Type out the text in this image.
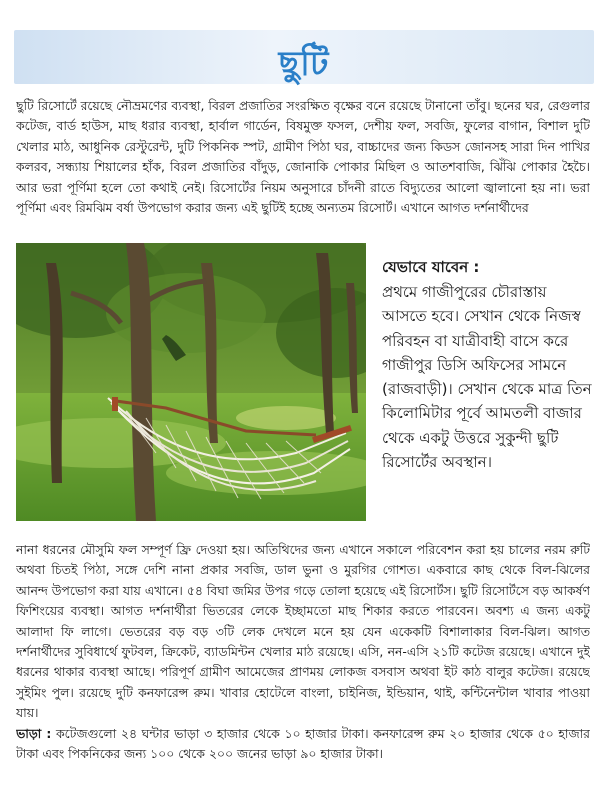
ছুটি

ছুটি রিসোর্টে রয়েছে নৌভ্রমণের ব্যবস্থা, বিরল প্রজাতির সংরক্ষিত বৃক্ষের বনে রয়েছে টানানো তাঁবু। ছনের ঘর, রেগুলার কটেজ, বার্ড হাউস, মাছ ধরার ব্যবস্থা, হার্বাল গার্ডেন, বিষমুক্ত ফসল, দেশীয় ফল, সবজি, ফুলের বাগান, বিশাল দুটি খেলার মাঠ, আধুনিক রেস্টুরেন্ট, দুটি পিকনিক স্পট, গ্রামীণ পিঠা ঘর, বাচ্চাদের জন্য কিডস জোনসহ সারা দিন পাখির কলরব, সন্ধ্যায় শিয়ালের হাঁক, বিরল প্রজাতির বাঁদুড়, জোনাকি পোকার মিছিল ও আতশবাজি, ঝিঁঝি পোকার হৈচৈ। আর ভরা পূর্ণিমা হলে তো কথাই নেই। রিসোর্টের নিয়ম অনুসারে চাঁদনী রাতে বিদ্যুতের আলো জ্বালানো হয় না। ভরা পূর্ণিমা এবং রিমঝিম বর্ষা উপভোগ করার জন্য এই ছুটিই হচ্ছে অন্যতম রিসোর্ট। এখানে আগত দর্শনার্থীদের

যেভাবে যাবেন :

প্রথমে গাজীপুরের চৌরাস্তায় আসতে হবে। সেখান থেকে নিজস্ব পরিবহন বা যাত্রীবাহী বাসে করে গাজীপুর ডিসি অফিসের সামনে (রাজবাড়ী)। সেখান থেকে মাত্র তিন কিলোমিটার পূর্বে আমতলী বাজার থেকে একটু উত্তরে সুকুন্দী ছুটি রিসোর্টের অবস্থান।

নানা ধরনের মৌসুমি ফল সম্পূর্ণ ফ্রি দেওয়া হয়। অতিথিদের জন্য এখানে সকালে পরিবেশন করা হয় চালের নরম রুটি অথবা চিতই পিঠা, সঙ্গে দেশি নানা প্রকার সবজি, ডাল ভুনা ও মুরগির গোশত। একবারে কাছ থেকে বিল-ঝিলের আনন্দ উপভোগ করা যায় এখানে। ৫৪ বিঘা জমির উপর গড়ে তোলা হয়েছে এই রিসোর্টস। ছুটি রিসোর্টসে বড় আকর্ষণ ফিশিংয়ের ব্যবস্থা। আগত দর্শনার্থীরা ভিতরের লেকে ইচ্ছামতো মাছ শিকার করতে পারবেন। অবশ্য এ জন্য একটু আলাদা ফি লাগে। ভেতরের বড় বড় ৩টি লেক দেখলে মনে হয় যেন একেকটি বিশালাকার বিল-ঝিল। আগত দর্শনার্থীদের সুবিধার্থে ফুটবল, ক্রিকেট, ব্যাডমিন্টন খেলার মাঠ রয়েছে। এসি, নন-এসি ২১টি কটেজ রয়েছে। এখানে দুই ধরনের থাকার ব্যবস্থা আছে। পরিপূর্ণ গ্রামীণ আমেজের প্রাণময় লোকজ বসবাস অথবা ইট কাঠ বালুর কটেজ। রয়েছে সুইমিং পুল। রয়েছে দুটি কনফারেন্স রুম। খাবার হোটেলে বাংলা, চাইনিজ, ইন্ডিয়ান, থাই, কন্টিনেন্টাল খাবার পাওয়া যায়।
ভাড়া : কটেজগুলো ২৪ ঘন্টার ভাড়া ৩ হাজার থেকে ১০ হাজার টাকা। কনফারেন্স রুম ২০ হাজার থেকে ৫০ হাজার টাকা এবং পিকনিকের জন্য ১০০ থেকে ২০০ জনের ভাড়া ৯০ হাজার টাকা।
